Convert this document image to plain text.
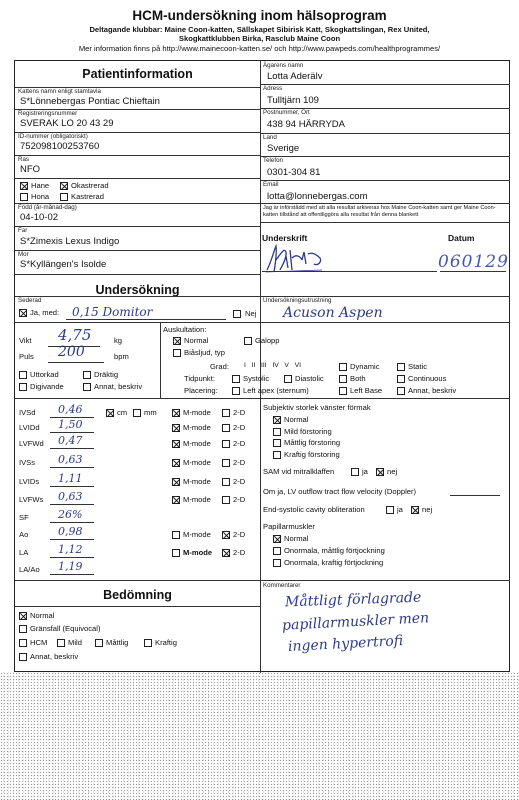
HCM-undersökning inom hälsoprogram
Deltagande klubbar: Maine Coon-katten, Sällskapet Sibirisk Katt, Skogkattslingan, Rex United,
Skogkattklubben Birka, Rasclub Maine Coon
Mer information finns på http://www.mainecoon-katten.se/ och http://www.pawpeds.com/healthprogrammes/
Patientinformation
Kattens namn enligt stamtavla
S*Lönnebergas Pontiac Chieftain
Registreringsnummer
SVERAK LO 20 43 29
ID-nummer (obligatoriskt)
752098100253760
Ras
NFO
Hane	Okastrerad
Hona	Kastrerad
Född (år-månad-dag)
04-10-02
Far
S*Zimexis Lexus Indigo
Mor
S*Kyllängen's Isolde
Ägarens namn
Lotta Aderälv
Adress
Tulltjärn 109
Postnummer, Ort
438 94 HÄRRYDA
Land
Sverige
Telefon
0301-304 81
Email
lotta@lonnebergas.com
Jag är införstådd med att alla resultat arkiveras hos Maine Coon-katten samt ger Maine Coon-katten tillstånd att offentliggöra alla resultat från denna blankett
Underskrift	Datum
060129
Undersökning
Sederad
Ja, med: 0,15 Domitor	Nej
Undersökningsutrustning
Acuson Aspen
Vikt 4,75	kg
Puls 200	bpm
Uttorkad	Dräktig
Digivande	Annat, beskriv
Auskultation:
Normal	Galopp
Biåsljud, typ
Grad: I   II   III   IV   V   VI	Dynamic	Static
Tidpunkt:	Systolic	Diastolic	Both	Continuous
Placering:	Left apex (sternum)	Left Base	Annat, beskriv
IVSd 0,46	M-mode	2-D
LVIDd 1,50	M-mode	2-D
LVFWd 0,47	M-mode	2-D
IVSs 0,63	M-mode	2-D
LVIDs 1,11	M-mode	2-D
LVFWs 0,63	M-mode	2-D
SF	26%
Ao	0,98	M-mode	2-D
LA	1,12	M-mode	2-D
LA/Ao 1,19
cm mm
Subjektiv storlek vänster förmak
Normal
Mild förstoring
Måttlig förstoring
Kraftig förstoring
SAM vid mitralklaffen	ja	nej
Om ja, LV outflow tract flow velocity (Doppler)
End-systolic cavity obliteration	ja	nej
Papillarmuskler
Normal
Onormala, måttlig förtjockning
Onormala, kraftig förtjockning
Bedömning
Normal
Gränsfall (Equivocal)
HCM	Mild	Måttlig	Kraftig
Annat, beskriv
Kommentarer
Måttligt förlagrade
papillarmuskler men
ingen hypertrofi
